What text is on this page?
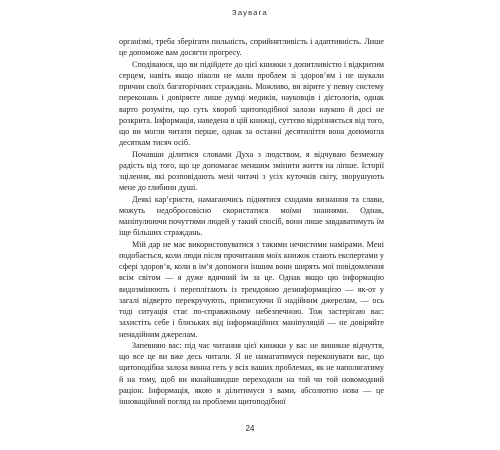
Заувага

організмі, треба зберігати пильність, сприйнятливість і адаптивність. Лише це допоможе вам досягти прогресу.

Сподіваюся, що ви підійдете до цієї книжки з допитливістю і відкритим серцем, навіть якщо ніколи не мали проблем зі здоров’ям і не шукали причин своїх багаторічних страждань. Можливо, ви вірите у певну систему переконань і довіряєте лише думці медиків, науковців і дієтологів, однак варто розуміти, що суть хвороб щитоподібної залози наукою й досі не розкрита. Інформація, наведена в цій книжці, суттєво відрізняється від того, що ви могли читати перше, однак за останні десятиліття вона допомогла десяткам тисяч осіб.

Почавши ділитися словами Духа з людством, я відчуваю безмежну радість від того, що це допомагає меншим змінити життя на ліпше. Історії зцілення, які розповідають мені читачі з усіх куточків світу, зворушують мене до глибини душі.

Деякі кар’єристи, намагаючись піднятися сходами визнання та слави, можуть недобросовісно скористатися моїми знаннями. Однак, маніпулюючи почуттями людей у такий спосіб, вони лише завдаватимуть їм іще більших страждань.

Мій дар не має використовуватися з такими нечистими намірами. Мені подобається, коли люди після прочитання моїх книжок стають експертами у сфері здоров’я, коли в ім’я допомоги іншим вони ширять мої повідомлення всім світом — я дуже вдячний їм за це. Однак якщо цю інформацію видозмінюють і переплітають із трендовою дезинформацією — як-от у загалі відверто перекручують, приписуючи її надійним джерелам, — ось тоді ситуація стає по-справжньому небезпечною. Тож застерігаю вас: захистіть себе і близьких від інформаційних маніпуляцій — не довіряйте ненадійним джерелам.

Запевняю вас: під час читання цієї книжки у вас не виникне відчуття, що все це ви вже десь читали. Я не намагатимуся переконувати вас, що щитоподібна залоза винна геть у всіх ваших проблемах, як не наполягатиму й на тому, щоб ви якнайшвидше переходили на той чи той новомодний раціон. Інформація, якою я ділитимуся з вами, абсолютно нова — це інноваційний погляд на проблеми щитоподібної

24
